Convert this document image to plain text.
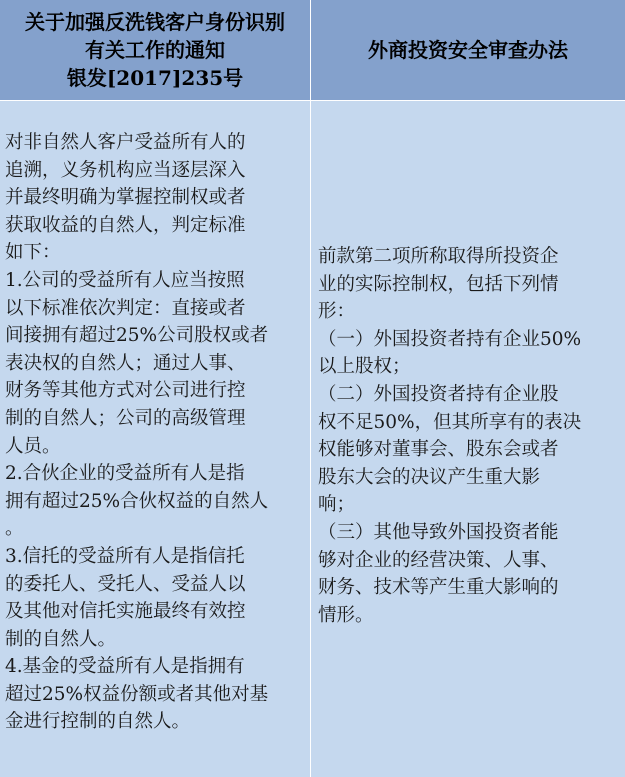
关于加强反洗钱客户身份识别
有关工作的通知
银发[2017]235号
外商投资安全审查办法
对非自然人客户受益所有人的
追溯，义务机构应当逐层深入
并最终明确为掌握控制权或者
获取收益的自然人，判定标准
如下：
1.公司的受益所有人应当按照
以下标准依次判定：直接或者
间接拥有超过25%公司股权或者
表决权的自然人；通过人事、
财务等其他方式对公司进行控
制的自然人；公司的高级管理
人员。
2.合伙企业的受益所有人是指
拥有超过25%合伙权益的自然人
。
3.信托的受益所有人是指信托
的委托人、受托人、受益人以
及其他对信托实施最终有效控
制的自然人。
4.基金的受益所有人是指拥有
超过25%权益份额或者其他对基
金进行控制的自然人。
前款第二项所称取得所投资企
业的实际控制权，包括下列情
形：
（一）外国投资者持有企业50%
以上股权；
（二）外国投资者持有企业股
权不足50%，但其所享有的表决
权能够对董事会、股东会或者
股东大会的决议产生重大影
响；
（三）其他导致外国投资者能
够对企业的经营决策、人事、
财务、技术等产生重大影响的
情形。
